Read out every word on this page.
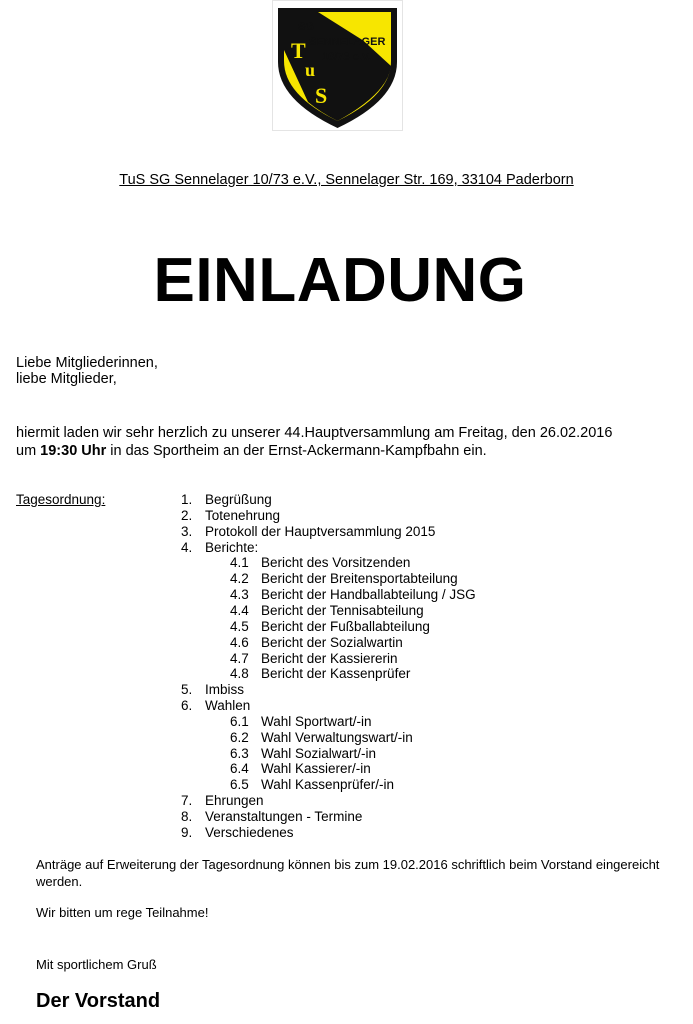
SG
SENNELAGER
10/73 e.V.
T
u
S
TuS SG Sennelager 10/73 e.V., Sennelager Str. 169, 33104 Paderborn
EINLADUNG
Liebe Mitgliederinnen,
liebe Mitglieder,
hiermit laden wir sehr herzlich zu unserer 44.Hauptversammlung am Freitag, den 26.02.2016
um 19:30 Uhr in das Sportheim an der Ernst-Ackermann-Kampfbahn ein.
Tagesordnung:	1. Begrüßung
2. Totenehrung
3. Protokoll der Hauptversammlung 2015
4. Berichte:
4.1 Bericht des Vorsitzenden
4.2 Bericht der Breitensportabteilung
4.3 Bericht der Handballabteilung / JSG
4.4 Bericht der Tennisabteilung
4.5 Bericht der Fußballabteilung
4.6 Bericht der Sozialwartin
4.7 Bericht der Kassiererin
4.8 Bericht der Kassenprüfer
5. Imbiss
6. Wahlen
6.1 Wahl Sportwart/-in
6.2 Wahl Verwaltungswart/-in
6.3 Wahl Sozialwart/-in
6.4 Wahl Kassierer/-in
6.5 Wahl Kassenprüfer/-in
7. Ehrungen
8. Veranstaltungen - Termine
9. Verschiedenes
Anträge auf Erweiterung der Tagesordnung können bis zum 19.02.2016 schriftlich beim Vorstand eingereicht werden.
Wir bitten um rege Teilnahme!
Mit sportlichem Gruß
Der Vorstand
